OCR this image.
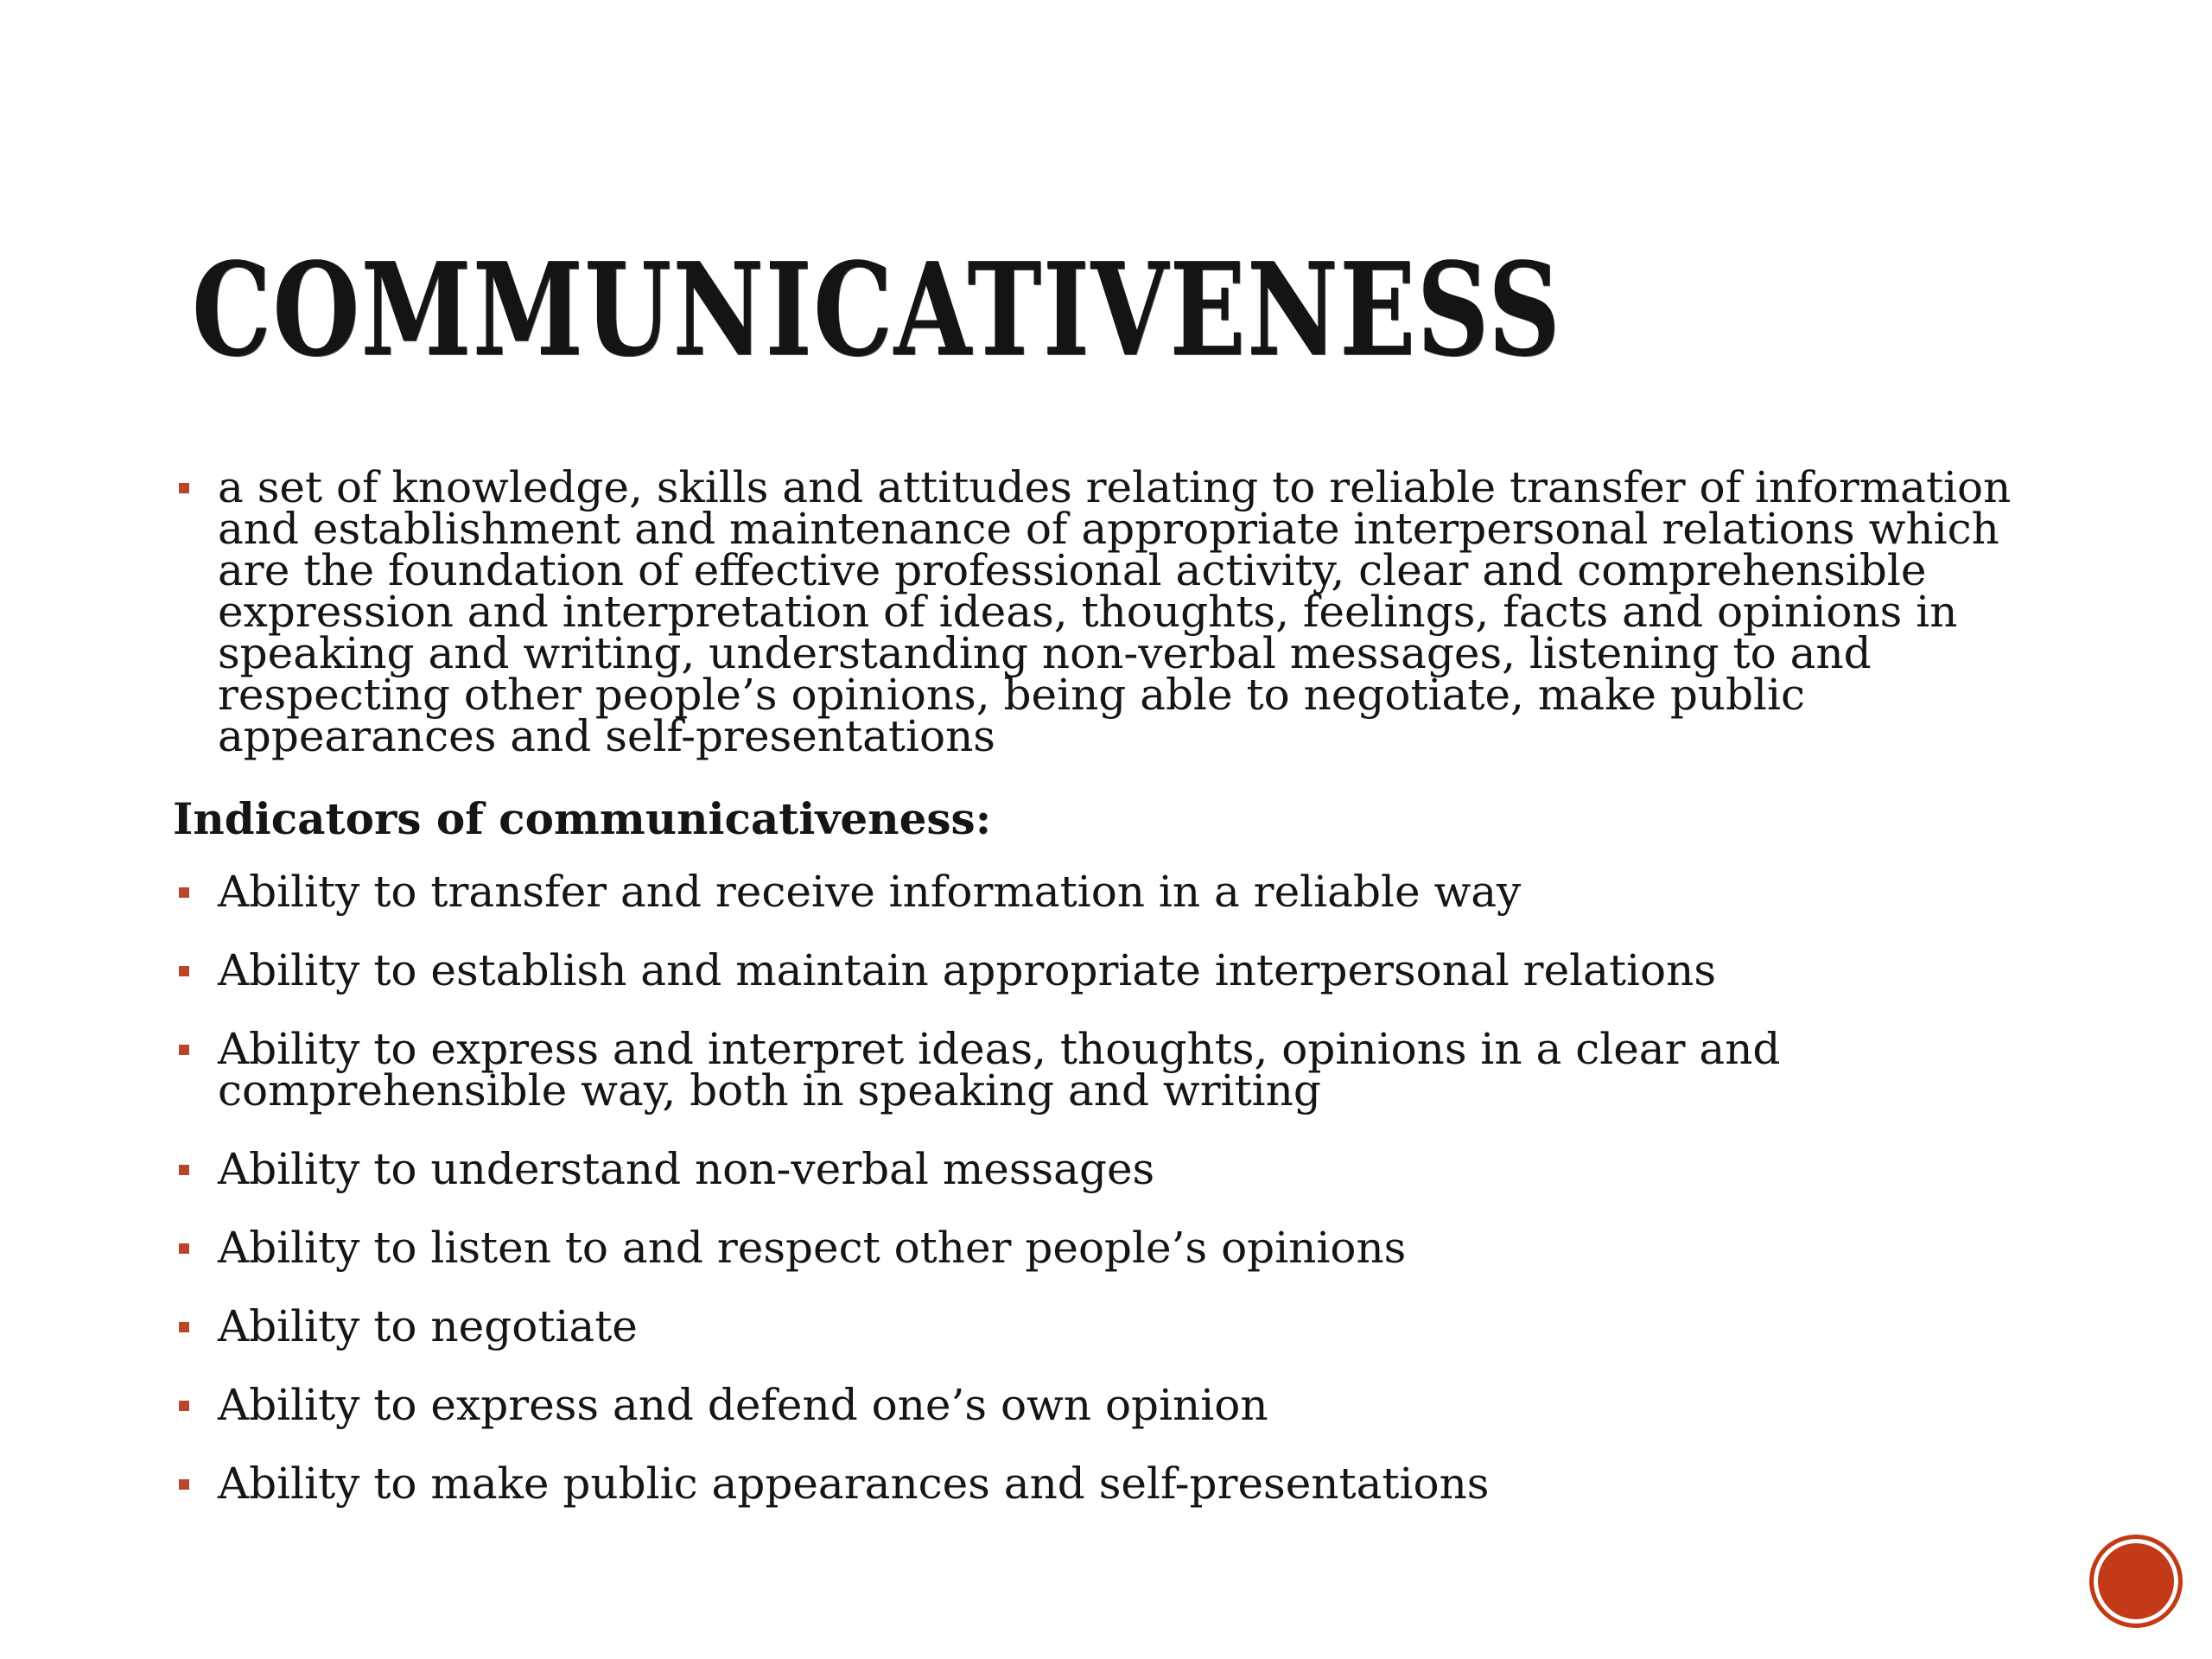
COMMUNICATIVENESS
a set of knowledge, skills and attitudes relating to reliable transfer of information and establishment and maintenance of appropriate interpersonal relations which are the foundation of effective professional activity, clear and comprehensible expression and interpretation of ideas, thoughts, feelings, facts and opinions in speaking and writing, understanding non-verbal messages, listening to and respecting other people’s opinions, being able to negotiate, make public appearances and self-presentations

Indicators of communicativeness:

Ability to transfer and receive information in a reliable way
Ability to establish and maintain appropriate interpersonal relations
Ability to express and interpret ideas, thoughts, opinions in a clear and comprehensible way, both in speaking and writing
Ability to understand non-verbal messages
Ability to listen to and respect other people’s opinions
Ability to negotiate
Ability to express and defend one’s own opinion
Ability to make public appearances and self-presentations
